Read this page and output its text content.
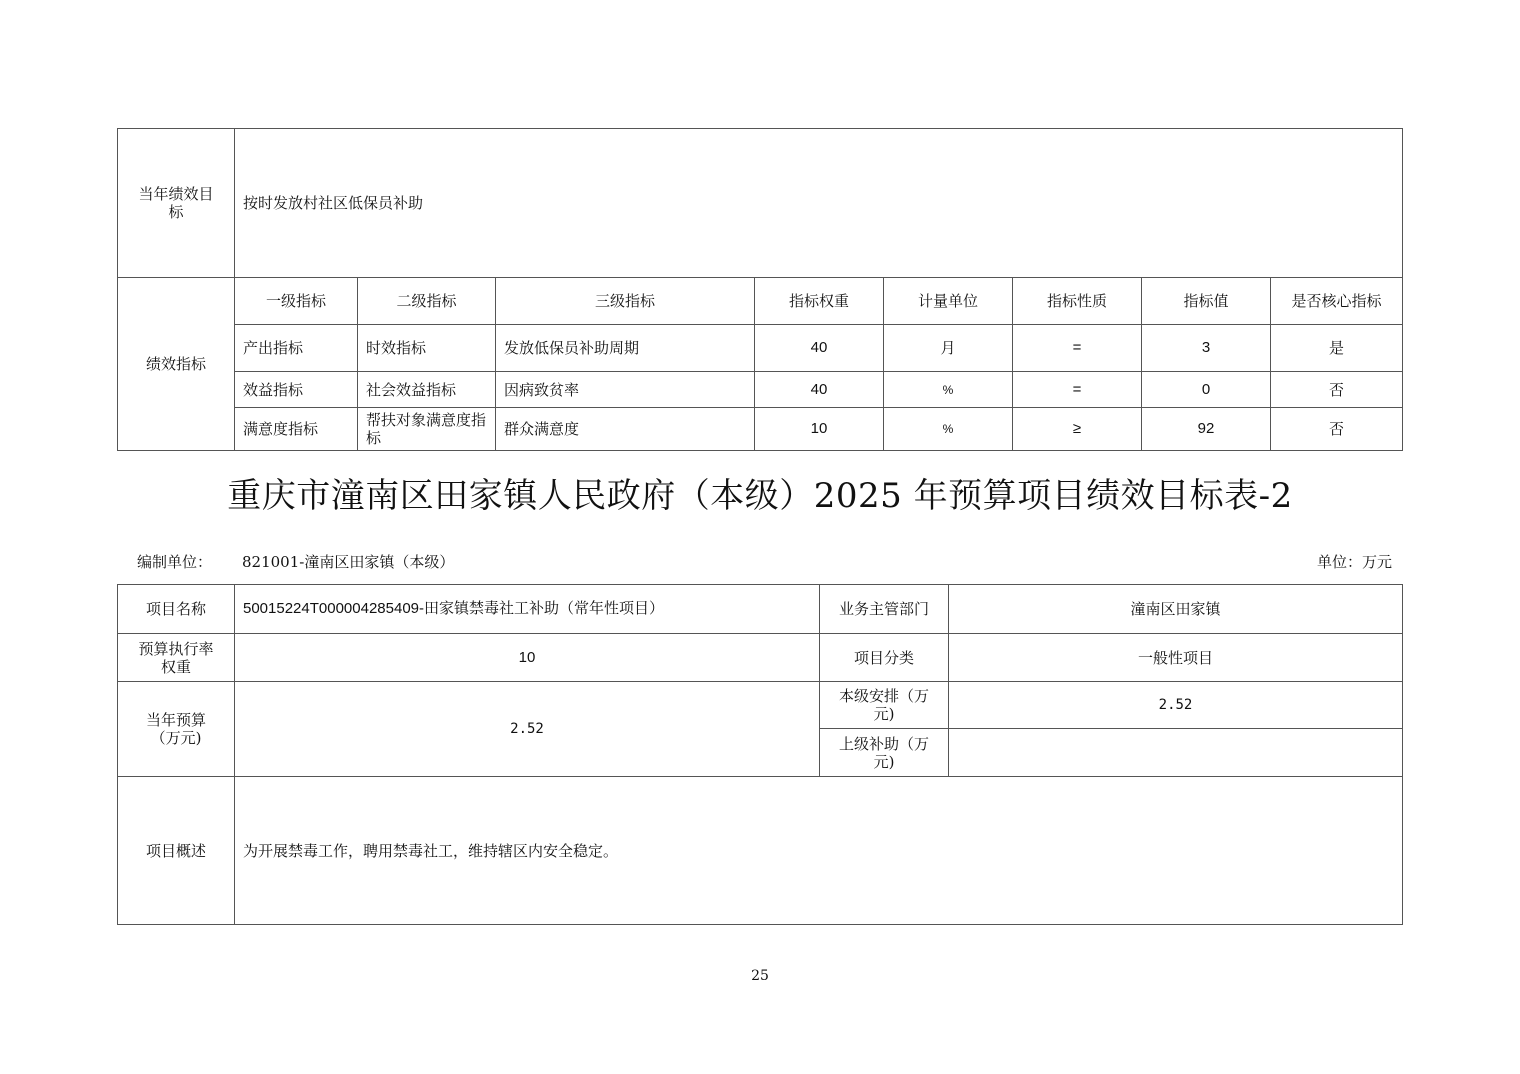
当年绩效目标	按时发放村社区低保员补助							
绩效指标	一级指标	二级指标	三级指标	指标权重	计量单位	指标性质	指标值	是否核心指标
	产出指标	时效指标	发放低保员补助周期	40	月	=	3	是
	效益指标	社会效益指标	因病致贫率	40	%	=	0	否
	满意度指标	帮扶对象满意度指标	群众满意度	10	%	≥	92	否
重庆市潼南区田家镇人民政府（本级）2025 年预算项目绩效目标表-2
编制单位： 821001-潼南区田家镇（本级）	单位：万元
项目名称	50015224T000004285409-田家镇禁毒社工补助（常年性项目）	业务主管部门	潼南区田家镇
预算执行率权重	10	项目分类	一般性项目
当年预算（万元)	2.52	本级安排（万元)	2.52
		上级补助（万元)	
项目概述	为开展禁毒工作，聘用禁毒社工，维持辖区内安全稳定。		
25
